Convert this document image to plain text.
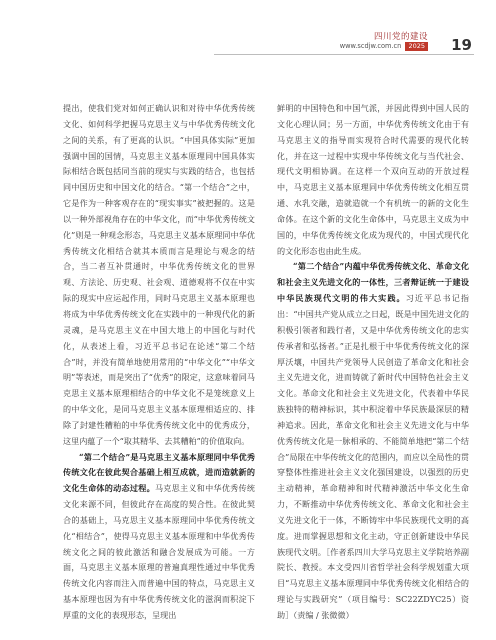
四川党的建设
www.scdjw.com.cn 2025 19

提出，使我们党对如何正确认识和对待中华优秀传统文化、如何科学把握马克思主义与中华优秀传统文化之间的关系，有了更高的认识。“中国具体实际”更加强调中国的国情，马克思主义基本原理同中国具体实际相结合既包括同当前的现实与实践的结合，也包括同中国历史和中国文化的结合。“第一个结合”之中，它是作为一种客观存在的“现实事实”被把握的。这是以一种外部视角存在的中华文化，而“中华优秀传统文化”则是一种观念形态，马克思主义基本原理同中华优秀传统文化相结合就其本质而言是理论与观念的结合，当二者互补贯通时，中华优秀传统文化的世界观、方法论、历史观、社会观、道德观将不仅在中实际的现实中应运起作用，同时马克思主义基本原理也将成为中华优秀传统文化在实践中的一种现代化的新灵魂，是马克思主义在中国大地上的中国化与时代化，从表述上看，习近平总书记在论述“第二个结合”时，并没有简单地使用常用的“中华文化”“中华文明”等表述，而是突出了“优秀”的限定，这意味着同马克思主义基本原理相结合的中华文化不是笼统意义上的中华文化，是同马克思主义基本原理相适应的、排除了封建性糟粕的中华优秀传统文化中的优秀成分，这里内蕴了一个“取其精华、去其糟粕”的价值取向。

“第二个结合”是马克思主义基本原理同中华优秀传统文化在彼此契合基础上相互成就，进而造就新的文化生命体的动态过程。马克思主义和中华优秀传统文化来源不同，但彼此存在高度的契合性。在彼此契合的基础上，马克思主义基本原理同中华优秀传统文化“相结合”，使得马克思主义基本原理和中华优秀传统文化之间的彼此激活和融合发展成为可能。一方面，马克思主义基本原理的普遍真理性通过中华优秀传统文化内容而注入而普遍中国的特点，马克思主义基本原理也因为有中华优秀传统文化的滋润而积淀下厚重的文化的表现形态，呈现出

鲜明的中国特色和中国气派，并因此得到中国人民的文化心理认同；另一方面，中华优秀传统文化由于有马克思主义的指导而实现符合时代需要的现代化转化，并在这一过程中实现中华传统文化与当代社会、现代文明相协调。在这样一个双向互动的开放过程中，马克思主义基本原理同中华优秀传统文化相互贯通、水乳交融，造就造就一个有机统一的新的文化生命体。在这个新的文化生命体中，马克思主义成为中国的，中华优秀传统文化成为现代的，中国式现代化的文化形态也由此生成。

“第二个结合”内蕴中华优秀传统文化、革命文化和社会主义先进文化的一体性，三者辩证统一于建设中华民族现代文明的伟大实践。习近平总书记指出：“中国共产党从成立之日起，既是中国先进文化的积极引领者和践行者，又是中华优秀传统文化的忠实传承者和弘扬者。”正是扎根于中华优秀传统文化的深厚沃壤，中国共产党领导人民创造了革命文化和社会主义先进文化，进而铸就了新时代中国特色社会主义文化。革命文化和社会主义先进文化，代表着中华民族独特的精神标识，其中积淀着中华民族最深层的精神追求。因此，革命文化和社会主义先进文化与中华优秀传统文化是一脉相承的、不能简单地把“第二个结合”局限在中华传统文化的范围内，而应以全局性的贯穿整体性推进社会主义文化强国建设，以强烈的历史主动精神，革命精神和时代精神激活中华文化生命力，不断推动中华优秀传统文化、革命文化和社会主义先进文化于一体，不断铸牢中华民族现代文明的高度。进而掌握思想和文化主动，守正创新建设中华民族现代文明。［作者系四川大学马克思主义学院培养副院长、教授。本文受四川省哲学社会科学规划重大项目“马克思主义基本原理同中华优秀传统文化相结合的理论与实践研究”（项目编号：SC22ZDYC25）资助］（责编 / 张微微）
